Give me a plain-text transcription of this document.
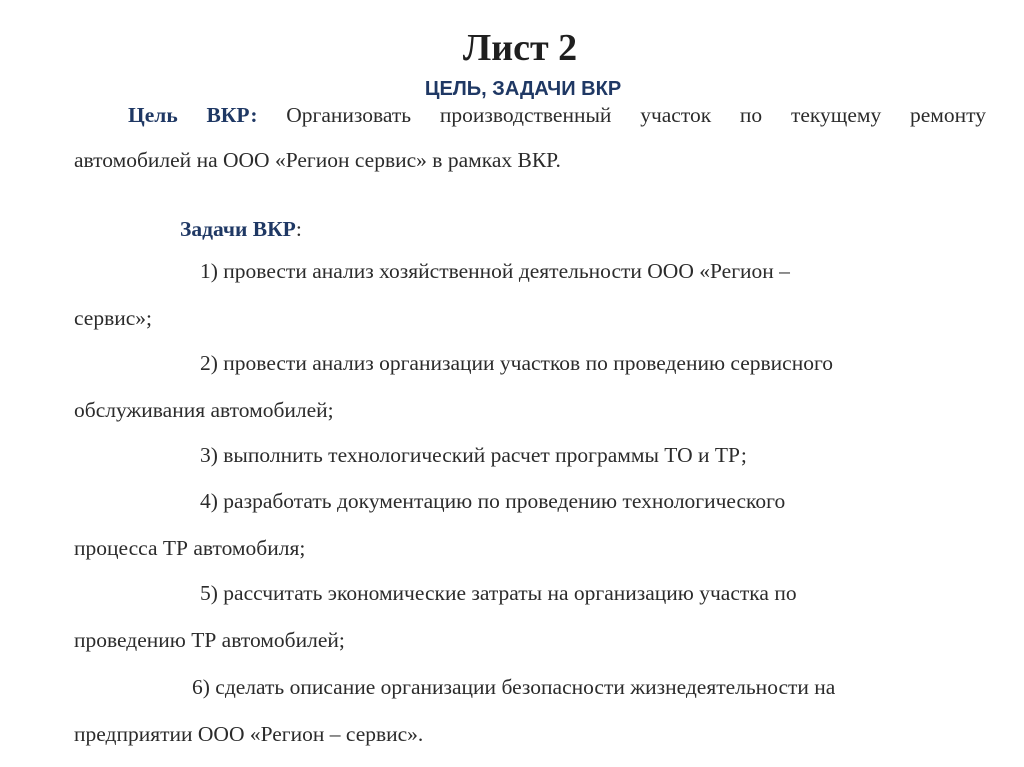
Лист 2
ЦЕЛЬ, ЗАДАЧИ ВКР
Цель ВКР: Организовать производственный участок по текущему ремонту
автомобилей на ООО «Регион сервис» в рамках ВКР.
Задачи ВКР:
1) провести анализ хозяйственной деятельности ООО «Регион –
сервис»;
2) провести анализ организации участков по проведению сервисного
обслуживания автомобилей;
3) выполнить технологический расчет программы ТО и ТР;
4) разработать документацию по проведению технологического
процесса ТР автомобиля;
5) рассчитать экономические затраты на организацию участка по
проведению ТР автомобилей;
6) сделать описание организации безопасности жизнедеятельности на
предприятии ООО «Регион – сервис».
